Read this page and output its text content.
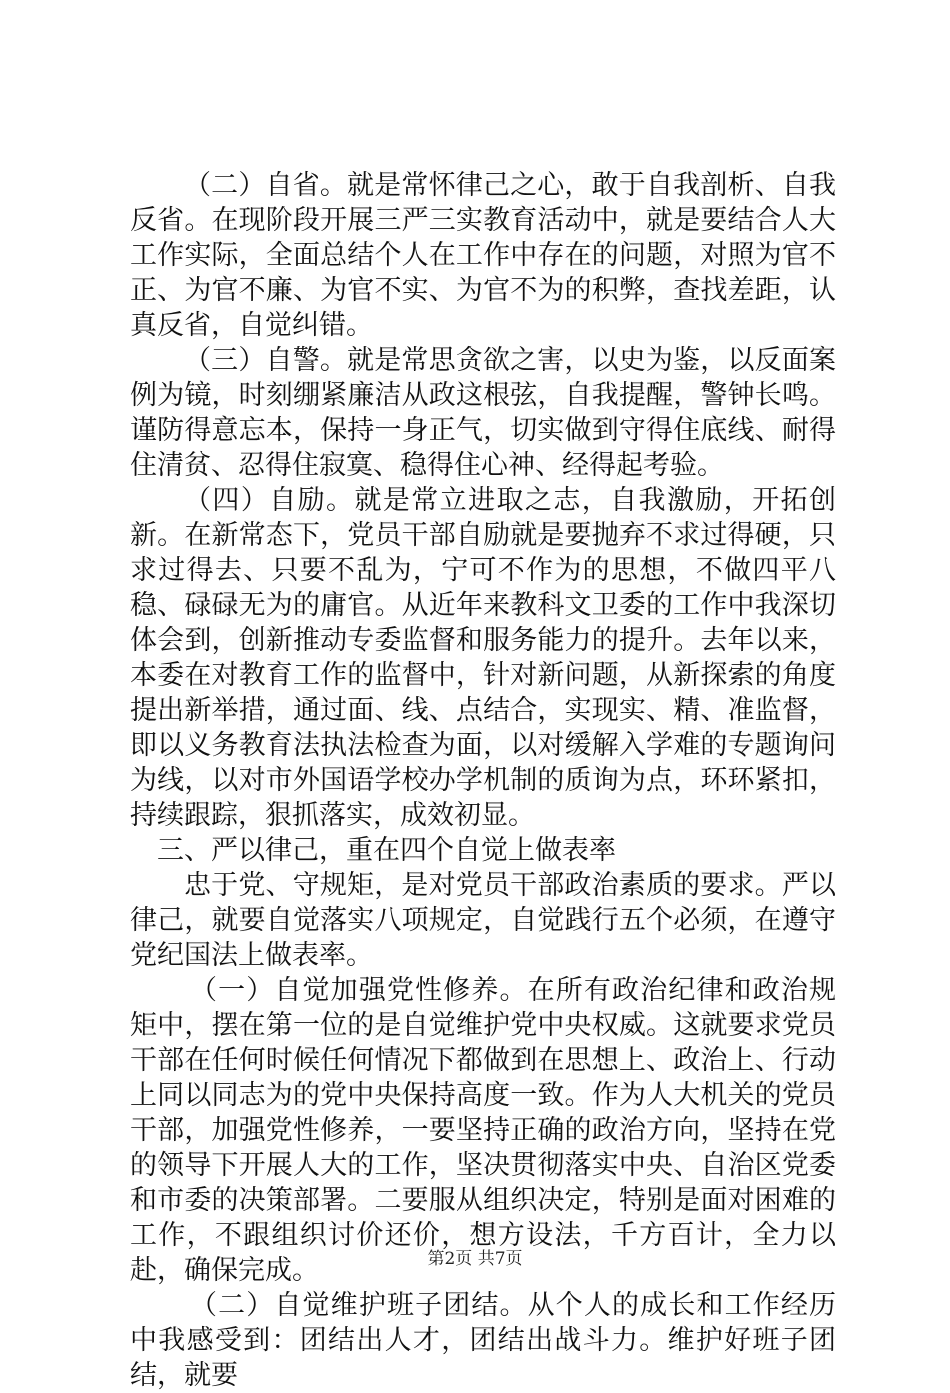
（二）自省。就是常怀律己之心，敢于自我剖析、自我反省。在现阶段开展三严三实教育活动中，就是要结合人大工作实际，全面总结个人在工作中存在的问题，对照为官不正、为官不廉、为官不实、为官不为的积弊，查找差距，认真反省，自觉纠错。

（三）自警。就是常思贪欲之害，以史为鉴，以反面案例为镜，时刻绷紧廉洁从政这根弦，自我提醒，警钟长鸣。谨防得意忘本，保持一身正气，切实做到守得住底线、耐得住清贫、忍得住寂寞、稳得住心神、经得起考验。

（四）自励。就是常立进取之志，自我激励，开拓创新。在新常态下，党员干部自励就是要抛弃不求过得硬，只求过得去、只要不乱为，宁可不作为的思想，不做四平八稳、碌碌无为的庸官。从近年来教科文卫委的工作中我深切体会到，创新推动专委监督和服务能力的提升。去年以来，本委在对教育工作的监督中，针对新问题，从新探索的角度提出新举措，通过面、线、点结合，实现实、精、准监督，即以义务教育法执法检查为面，以对缓解入学难的专题询问为线，以对市外国语学校办学机制的质询为点，环环紧扣，持续跟踪，狠抓落实，成效初显。

三、严以律己，重在四个自觉上做表率

忠于党、守规矩，是对党员干部政治素质的要求。严以律己，就要自觉落实八项规定，自觉践行五个必须，在遵守党纪国法上做表率。

（一）自觉加强党性修养。在所有政治纪律和政治规矩中，摆在第一位的是自觉维护党中央权威。这就要求党员干部在任何时候任何情况下都做到在思想上、政治上、行动上同以同志为的党中央保持高度一致。作为人大机关的党员干部，加强党性修养，一要坚持正确的政治方向，坚持在党的领导下开展人大的工作，坚决贯彻落实中央、自治区党委和市委的决策部署。二要服从组织决定，特别是面对困难的工作，不跟组织讨价还价，想方设法，千方百计，全力以赴，确保完成。

（二）自觉维护班子团结。从个人的成长和工作经历中我感受到：团结出人才，团结出战斗力。维护好班子团结，就要

第2页 共7页
